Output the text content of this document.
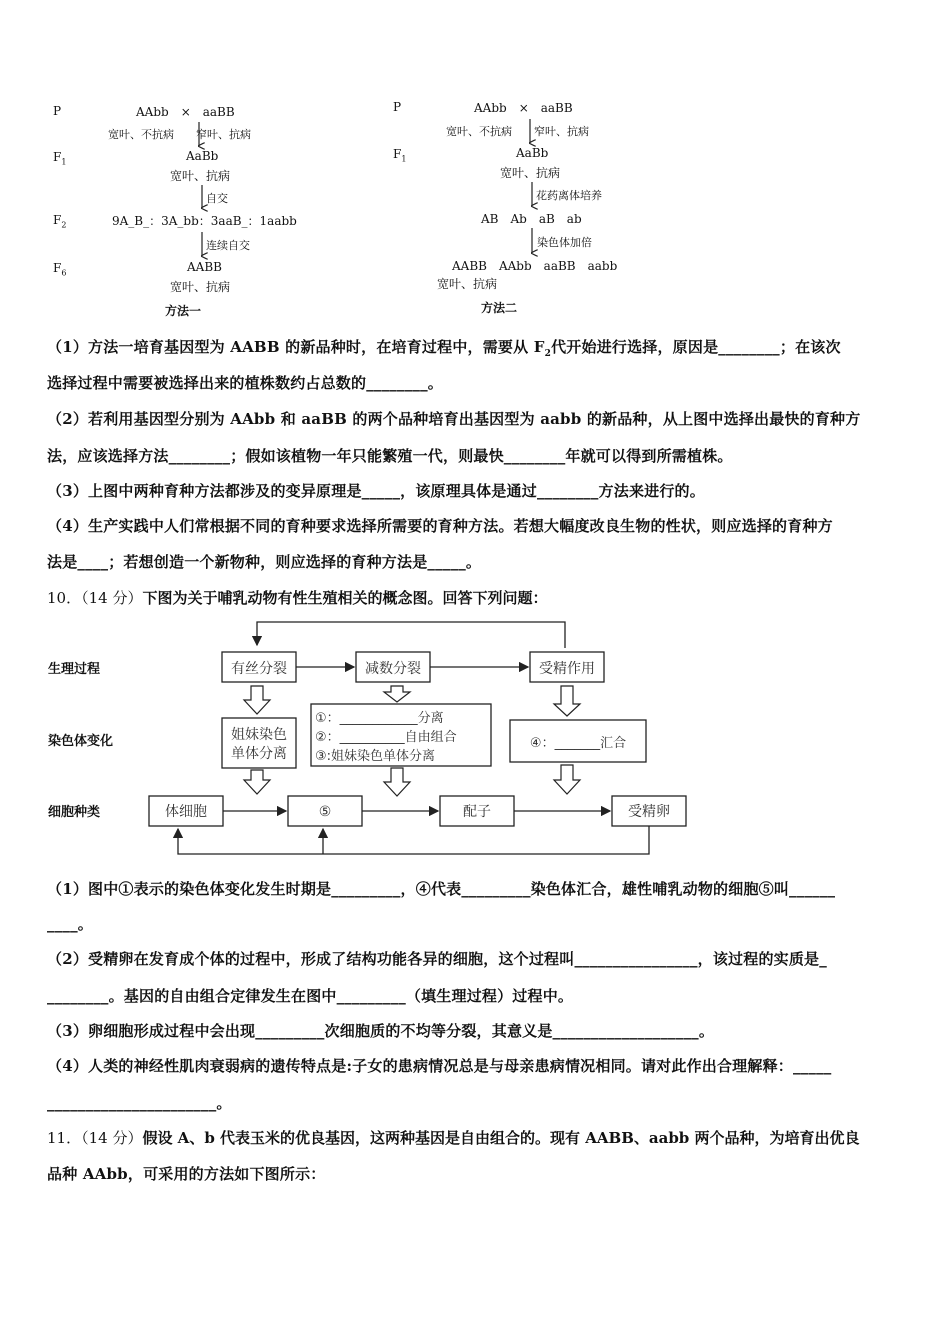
P
$F_1$
$F_2$
$F_6$
AAbb　×　aaBB
宽叶、不抗病　　窄叶、抗病
AaBb
宽叶、抗病
自交
9A_B_：3A_bb：3aaB_：1aabb
连续自交
AABB
宽叶、抗病
方法一
P
$F_1$
AAbb　×　aaBB
宽叶、不抗病　　窄叶、抗病
AaBb
宽叶、抗病
花药离体培养
AB　Ab　aB　ab
染色体加倍
AABB　AAbb　aaBB　aabb
宽叶、抗病
方法二
（1）方法一培育基因型为 AABB 的新品种时，在培育过程中，需要从 $F_2$代开始进行选择，原因是________；在该次
选择过程中需要被选择出来的植株数约占总数的________。
（2）若利用基因型分别为 AAbb 和 aaBB 的两个品种培育出基因型为 aabb 的新品种，从上图中选择出最快的育种方
法，应该选择方法________；假如该植物一年只能繁殖一代，则最快________年就可以得到所需植株。
（3）上图中两种育种方法都涉及的变异原理是_____，该原理具体是通过________方法来进行的。
（4）生产实践中人们常根据不同的育种要求选择所需要的育种方法。若想大幅度改良生物的性状，则应选择的育种方
法是____；若想创造一个新物种，则应选择的育种方法是_____。
10．（14 分）下图为关于哺乳动物有性生殖相关的概念图。回答下列问题：
生理过程
染色体变化
细胞种类
有丝分裂	减数分裂	受精作用
姐妹染色
单体分离
①：____________分离
②：__________自由组合
③:姐妹染色单体分离
④：_______汇合
体细胞	⑤	配子	受精卵
（1）图中①表示的染色体变化发生时期是_________，④代表_________染色体汇合，雄性哺乳动物的细胞⑤叫______
____。
（2）受精卵在发育成个体的过程中，形成了结构功能各异的细胞，这个过程叫________________，该过程的实质是_
________。基因的自由组合定律发生在图中_________（填生理过程）过程中。
（3）卵细胞形成过程中会出现_________次细胞质的不均等分裂，其意义是___________________。
（4）人类的神经性肌肉衰弱病的遗传特点是:子女的患病情况总是与母亲患病情况相同。请对此作出合理解释：_____
______________________。
11．（14 分）假设 A、b 代表玉米的优良基因，这两种基因是自由组合的。现有 AABB、aabb 两个品种，为培育出优良
品种 AAbb，可采用的方法如下图所示：
